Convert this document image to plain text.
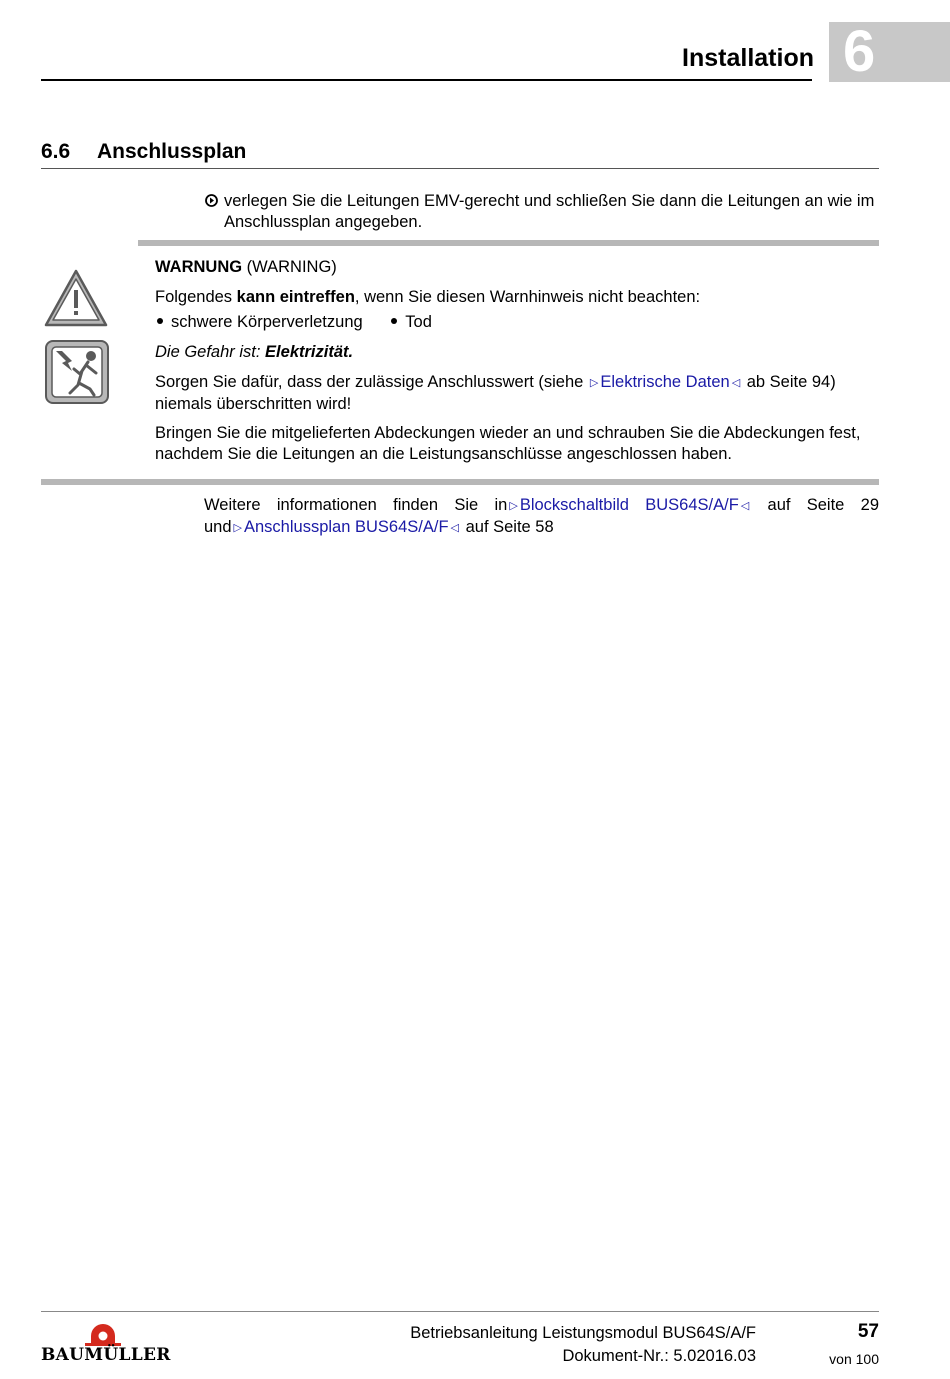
Installation 6
6.6 Anschlussplan
verlegen Sie die Leitungen EMV-gerecht und schließen Sie dann die Leitungen an wie im Anschlussplan angegeben.
WARNUNG (WARNING)
Folgendes kann eintreffen, wenn Sie diesen Warnhinweis nicht beachten:
schwere Körperverletzung	Tod
Die Gefahr ist: Elektrizität.
Sorgen Sie dafür, dass der zulässige Anschlusswert (siehe ▷ Elektrische Daten ◁ ab Seite 94) niemals überschritten wird!
Bringen Sie die mitgelieferten Abdeckungen wieder an und schrauben Sie die Abdeckungen fest, nachdem Sie die Leitungen an die Leistungsanschlüsse angeschlossen haben.
Weitere informationen finden Sie in ▷ Blockschaltbild BUS64S/A/F ◁ auf Seite 29
und ▷ Anschlussplan BUS64S/A/F ◁ auf Seite 58
BAUMÜLLER
Betriebsanleitung Leistungsmodul BUS64S/A/F
Dokument-Nr.: 5.02016.03
57
von 100
